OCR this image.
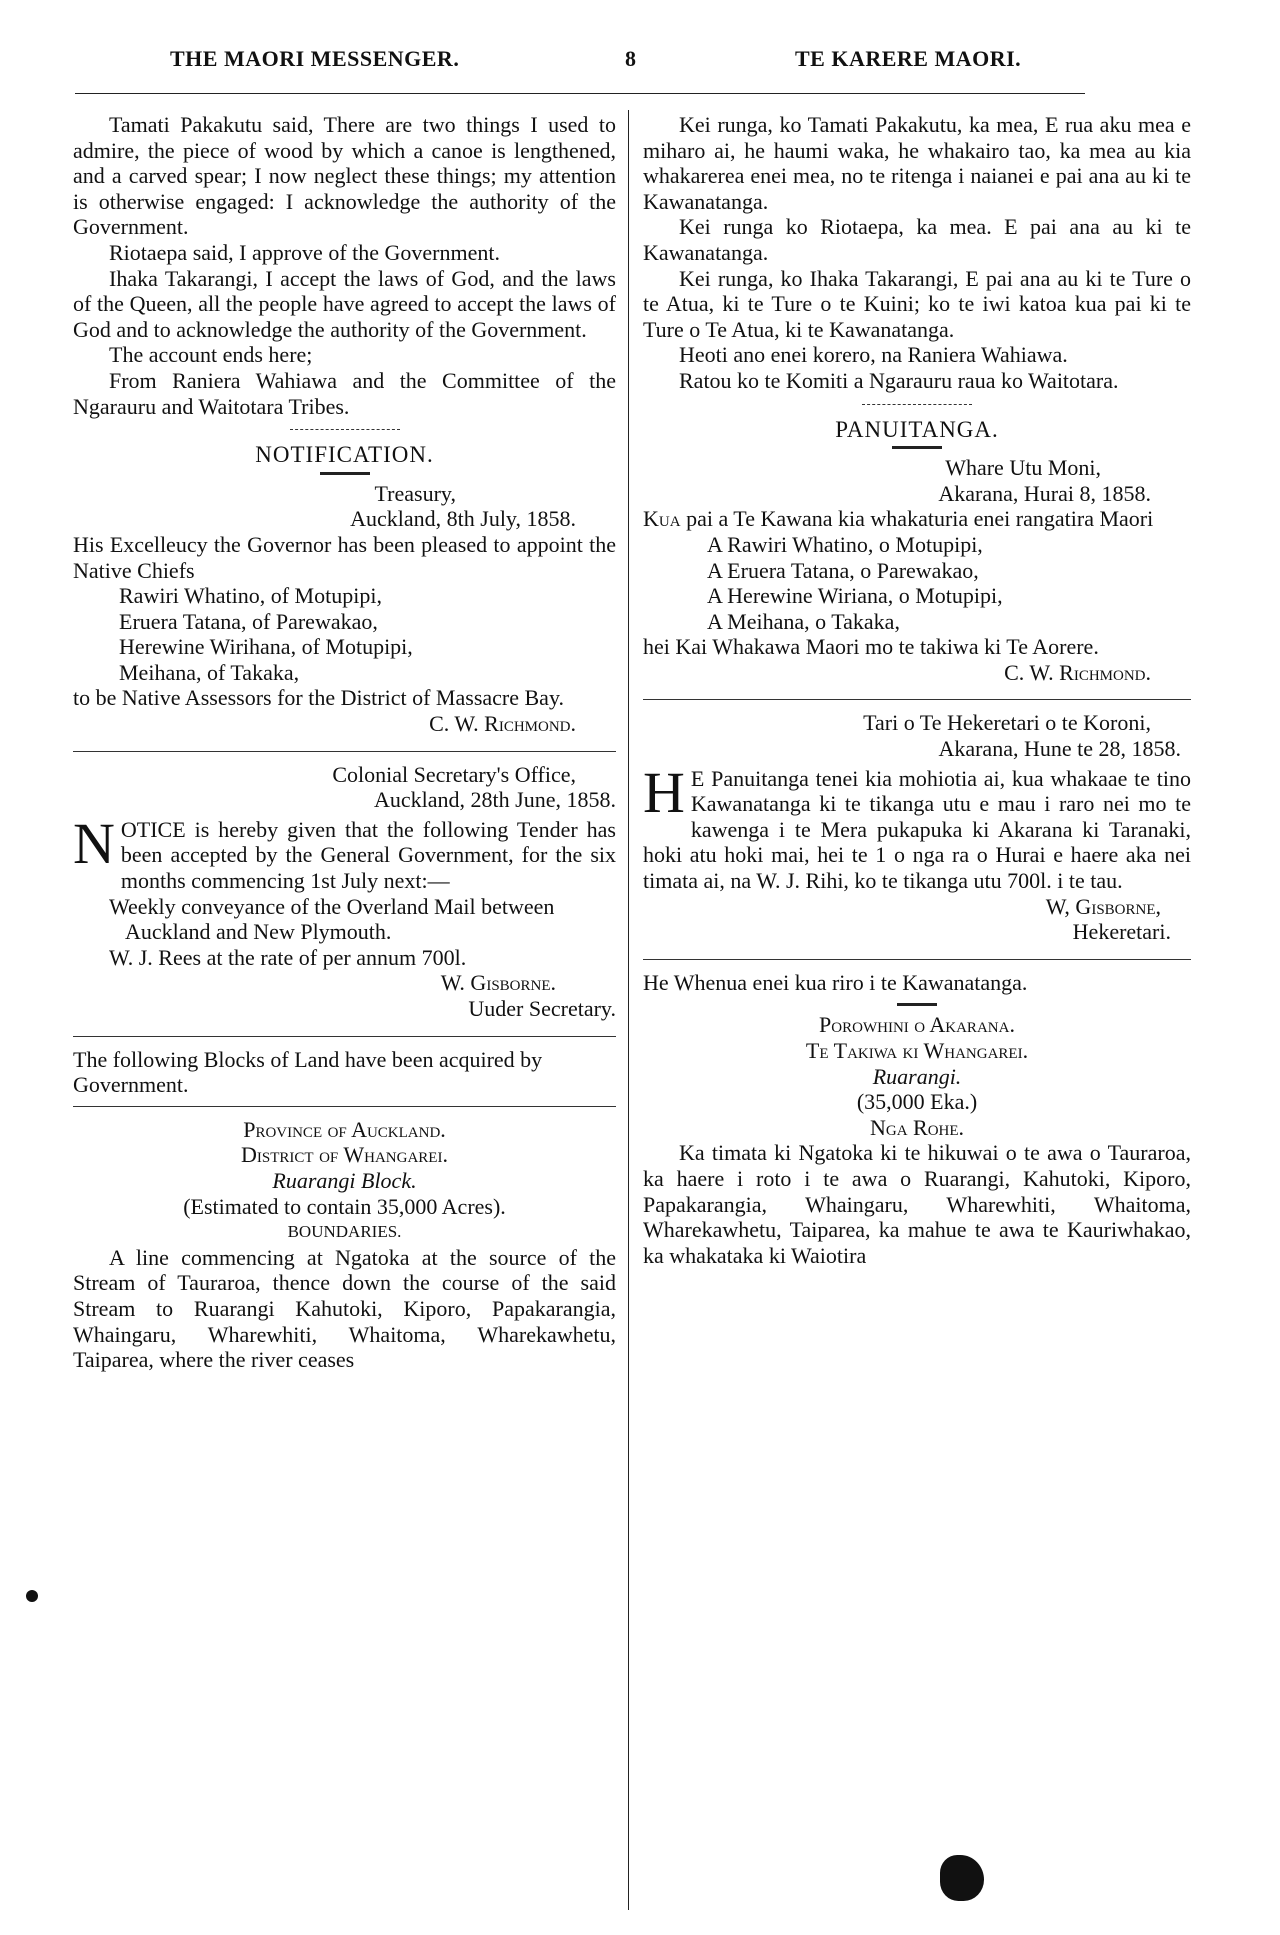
THE MAORI MESSENGER.	8	TE KARERE MAORI.

Tamati Pakakutu said, There are two things I used to admire, the piece of wood by which a canoe is lengthened, and a carved spear; I now neglect these things; my attention is otherwise engaged: I acknowledge the authority of the Government.

Riotaepa said, I approve of the Government.

Ihaka Takarangi, I accept the laws of God, and the laws of the Queen, all the people have agreed to accept the laws of God and to acknowledge the authority of the Government.

The account ends here;

From Raniera Wahiawa and the Committee of the Ngarauru and Waitotara Tribes.

NOTIFICATION.

Treasury,

Auckland, 8th July, 1858.

His Excelleucy the Governor has been pleased to appoint the Native Chiefs

Rawiri Whatino, of Motupipi,

Eruera Tatana, of Parewakao,

Herewine Wirihana, of Motupipi,

Meihana, of Takaka,

to be Native Assessors for the District of Massacre Bay.

C. W. Richmond.

Colonial Secretary's Office,

Auckland, 28th June, 1858.

N OTICE is hereby given that the following Tender has been accepted by the General Government, for the six months commencing 1st July next:—

Weekly conveyance of the Overland Mail between Auckland and New Plymouth.

W. J. Rees at the rate of per annum 700l.

W. Gisborne.

Uuder Secretary.

The following Blocks of Land have been acquired by Government.

Province of Auckland.

District of Whangarei.

Ruarangi Block.

(Estimated to contain 35,000 Acres).

BOUNDARIES.

A line commencing at Ngatoka at the source of the Stream of Tauraroa, thence down the course of the said Stream to Ruarangi Kahutoki, Kiporo, Papakarangia, Whaingaru, Wharewhiti, Whaitoma, Wharekawhetu, Taiparea, where the river ceases

Kei runga, ko Tamati Pakakutu, ka mea, E rua aku mea e miharo ai, he haumi waka, he whakairo tao, ka mea au kia whakarerea enei mea, no te ritenga i naianei e pai ana au ki te Kawanatanga.

Kei runga ko Riotaepa, ka mea. E pai ana au ki te Kawanatanga.

Kei runga, ko Ihaka Takarangi, E pai ana au ki te Ture o te Atua, ki te Ture o te Kuini; ko te iwi katoa kua pai ki te Ture o Te Atua, ki te Kawanatanga.

Heoti ano enei korero, na Raniera Wahiawa.

Ratou ko te Komiti a Ngarauru raua ko Waitotara.

PANUITANGA.

Whare Utu Moni,

Akarana, Hurai 8, 1858.

Kua pai a Te Kawana kia whakaturia enei rangatira Maori

A Rawiri Whatino, o Motupipi,

A Eruera Tatana, o Parewakao,

A Herewine Wiriana, o Motupipi,

A Meihana, o Takaka,

hei Kai Whakawa Maori mo te takiwa ki Te Aorere.

C. W. Richmond.

Tari o Te Hekeretari o te Koroni,

Akarana, Hune te 28, 1858.

H E Panuitanga tenei kia mohiotia ai, kua whakaae te tino Kawanatanga ki te tikanga utu e mau i raro nei mo te kawenga i te Mera pukapuka ki Akarana ki Taranaki, hoki atu hoki mai, hei te 1 o nga ra o Hurai e haere aka nei timata ai, na W. J. Rihi, ko te tikanga utu 700l. i te tau.

W, Gisborne,

Hekeretari.

He Whenua enei kua riro i te Kawanatanga.

Porowhini o Akarana.

Te Takiwa ki Whangarei.

Ruarangi.

(35,000 Eka.)

Nga Rohe.

Ka timata ki Ngatoka ki te hikuwai o te awa o Tauraroa, ka haere i roto i te awa o Ruarangi, Kahutoki, Kiporo, Papakarangia, Whaingaru, Wharewhiti, Whaitoma, Wharekawhetu, Taiparea, ka mahue te awa te Kauriwhakao, ka whakataka ki Waiotira
